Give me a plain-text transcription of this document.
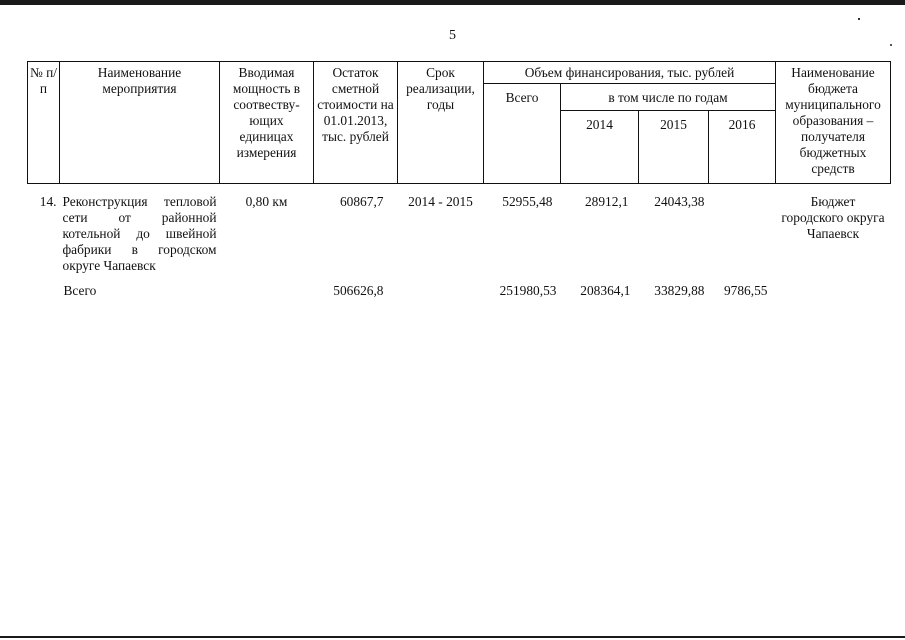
5
№ п/п	Наименование мероприятия	Вводимая мощность в соотвеству-ющих единицах измерения	Остаток сметной стоимости на 01.01.2013, тыс. рублей	Срок реализации, годы	Объем финансирования, тыс. рублей				Наименование бюджета муниципального образования – получателя бюджетных средств
					Всего	в том числе по годам			
						2014	2015	2016	
14.	Реконструкция тепловой сети от районной котельной до швейной фабрики в городском округе Чапаевск	0,80 км	60867,7	2014 - 2015	52955,48	28912,1	24043,38		Бюджет городского округа Чапаевск
	Всего		506626,8		251980,53	208364,1	33829,88	9786,55	
